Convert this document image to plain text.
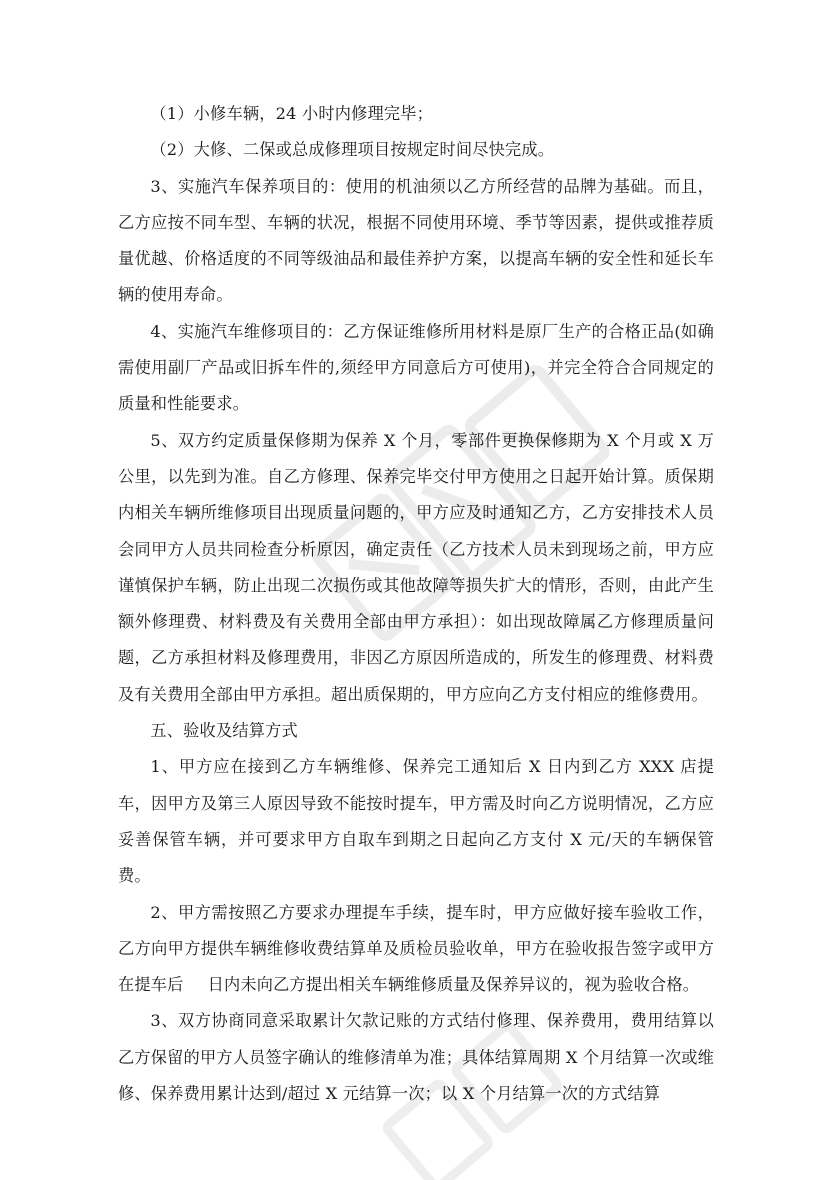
（1）小修车辆，24 小时内修理完毕；

（2）大修、二保或总成修理项目按规定时间尽快完成。

3、实施汽车保养项目的：使用的机油须以乙方所经营的品牌为基础。而且，乙方应按不同车型、车辆的状况，根据不同使用环境、季节等因素，提供或推荐质量优越、价格适度的不同等级油品和最佳养护方案，以提高车辆的安全性和延长车辆的使用寿命。

4、实施汽车维修项目的：乙方保证维修所用材料是原厂生产的合格正品(如确需使用副厂产品或旧拆车件的,须经甲方同意后方可使用)，并完全符合合同规定的质量和性能要求。

5、双方约定质量保修期为保养 X 个月，零部件更换保修期为 X 个月或 X 万公里，以先到为准。自乙方修理、保养完毕交付甲方使用之日起开始计算。质保期内相关车辆所维修项目出现质量问题的，甲方应及时通知乙方，乙方安排技术人员会同甲方人员共同检查分析原因，确定责任（乙方技术人员未到现场之前，甲方应谨慎保护车辆，防止出现二次损伤或其他故障等损失扩大的情形，否则，由此产生额外修理费、材料费及有关费用全部由甲方承担）：如出现故障属乙方修理质量问题，乙方承担材料及修理费用，非因乙方原因所造成的，所发生的修理费、材料费及有关费用全部由甲方承担。超出质保期的，甲方应向乙方支付相应的维修费用。

五、验收及结算方式

1、甲方应在接到乙方车辆维修、保养完工通知后 X 日内到乙方 XXX 店提车，因甲方及第三人原因导致不能按时提车，甲方需及时向乙方说明情况，乙方应妥善保管车辆，并可要求甲方自取车到期之日起向乙方支付 X 元/天的车辆保管费。

2、甲方需按照乙方要求办理提车手续，提车时，甲方应做好接车验收工作，乙方向甲方提供车辆维修收费结算单及质检员验收单，甲方在验收报告签字或甲方在提车后 日内未向乙方提出相关车辆维修质量及保养异议的，视为验收合格。

3、双方协商同意采取累计欠款记账的方式结付修理、保养费用，费用结算以乙方保留的甲方人员签字确认的维修清单为准；具体结算周期 X 个月结算一次或维修、保养费用累计达到/超过 X 元结算一次；以 X 个月结算一次的方式结算
